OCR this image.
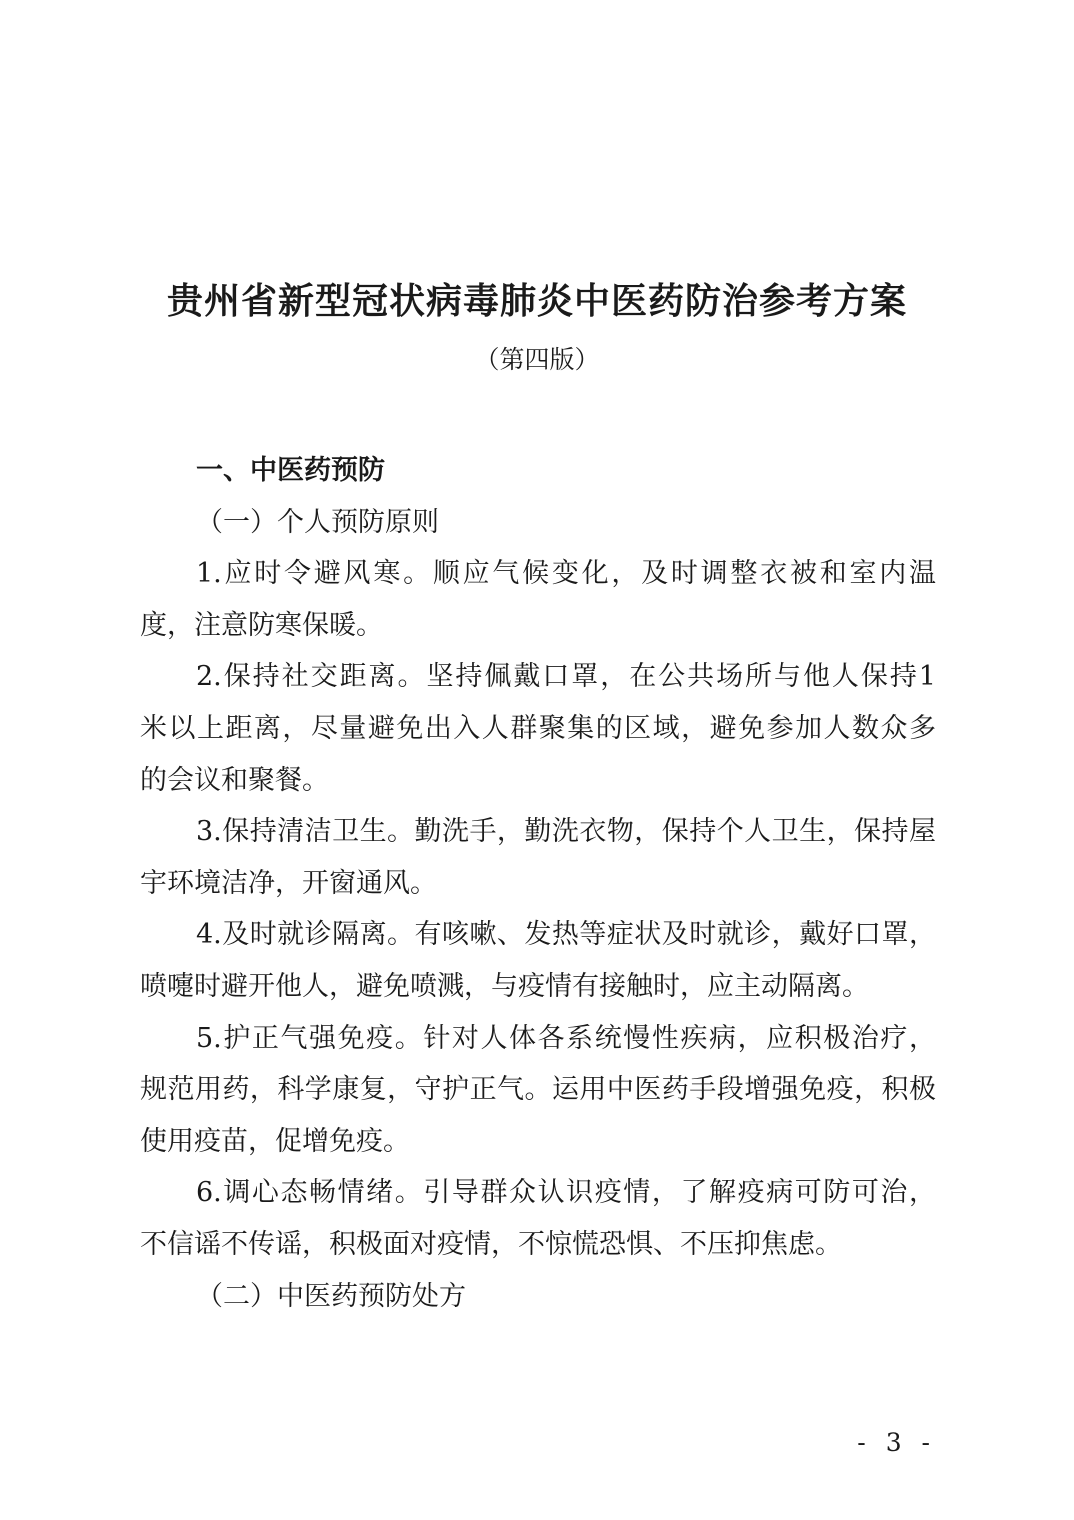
贵州省新型冠状病毒肺炎中医药防治参考方案
（第四版）
一、中医药预防
（一）个人预防原则
1.应时令避风寒。顺应气候变化，及时调整衣被和室内温
度，注意防寒保暖。
2.保持社交距离。坚持佩戴口罩，在公共场所与他人保持1
米以上距离，尽量避免出入人群聚集的区域，避免参加人数众多
的会议和聚餐。
3.保持清洁卫生。勤洗手，勤洗衣物，保持个人卫生，保持屋
宇环境洁净，开窗通风。
4.及时就诊隔离。有咳嗽、发热等症状及时就诊，戴好口罩，
喷嚏时避开他人，避免喷溅，与疫情有接触时，应主动隔离。
5.护正气强免疫。针对人体各系统慢性疾病，应积极治疗，
规范用药，科学康复，守护正气。运用中医药手段增强免疫，积极
使用疫苗，促增免疫。
6.调心态畅情绪。引导群众认识疫情，了解疫病可防可治，
不信谣不传谣，积极面对疫情，不惊慌恐惧、不压抑焦虑。
（二）中医药预防处方
- 3 -
